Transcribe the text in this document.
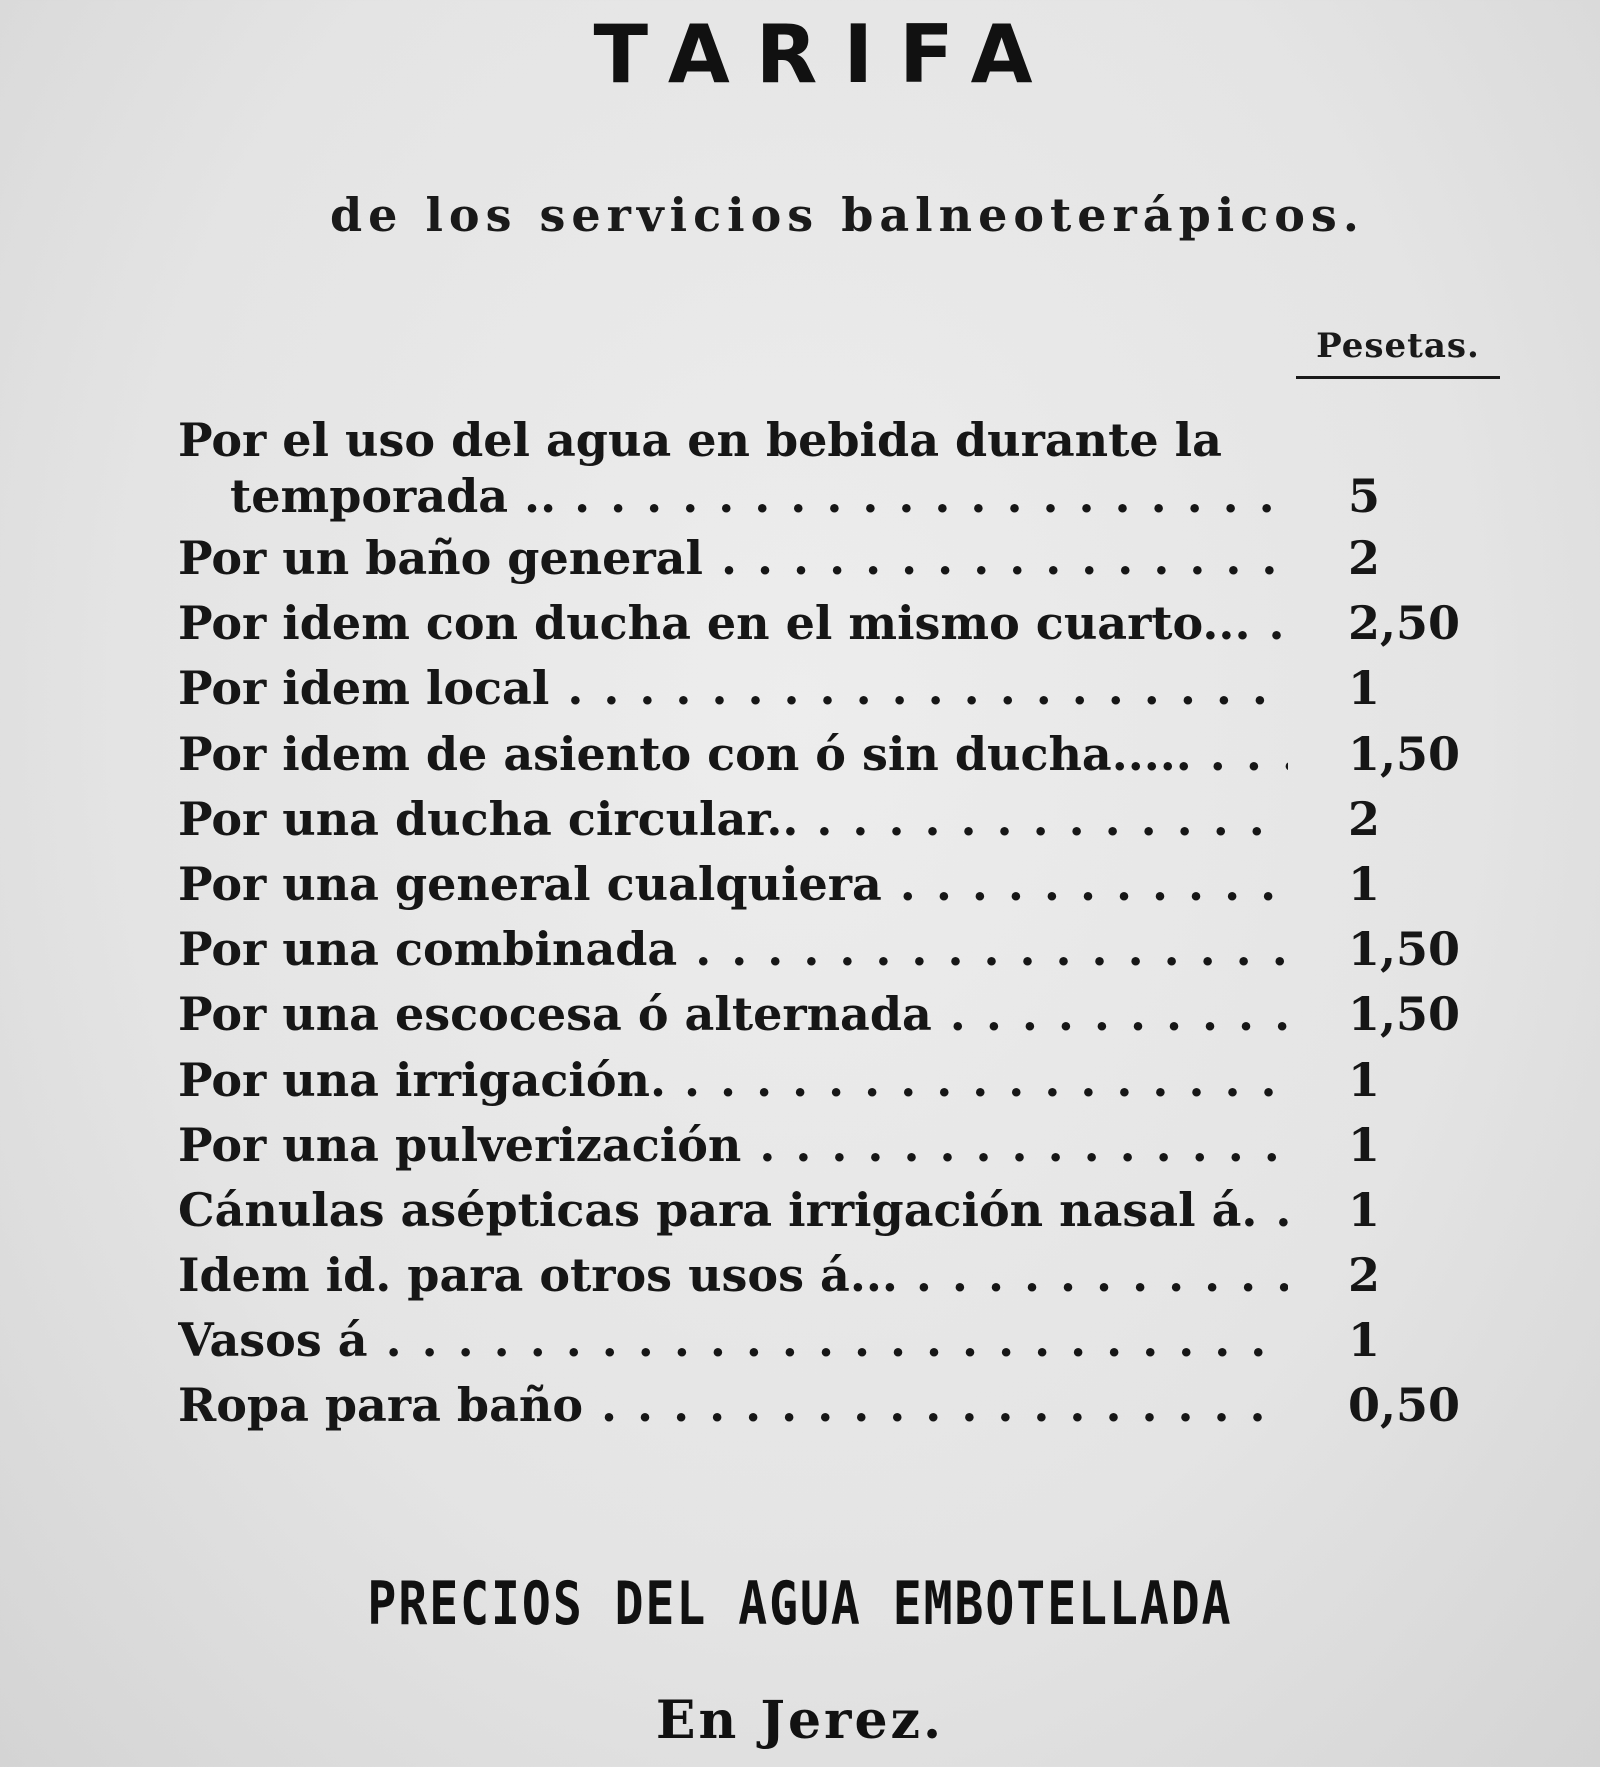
TARIFA
de los servicios balneoterápicos.
Pesetas.
Por el uso del agua en bebida durante la
temporada .. . . .	5
Por un baño general . . .	2
Por idem con ducha en el mismo cuarto... . . .	2,50
Por idem local . . .	1
Por idem de asiento con ó sin ducha..... . . .	1,50
Por una ducha circular.. . . .	2
Por una general cualquiera . . .	1
Por una combinada . . .	1,50
Por una escocesa ó alternada . . .	1,50
Por una irrigación. . . .	1
Por una pulverización . . .	1
Cánulas asépticas para irrigación nasal á. . . .	1
Idem id. para otros usos á... . . .	2
Vasos á . . .	1
Ropa para baño . . .	0,50
PRECIOS DEL AGUA EMBOTELLADA
En Jerez.
